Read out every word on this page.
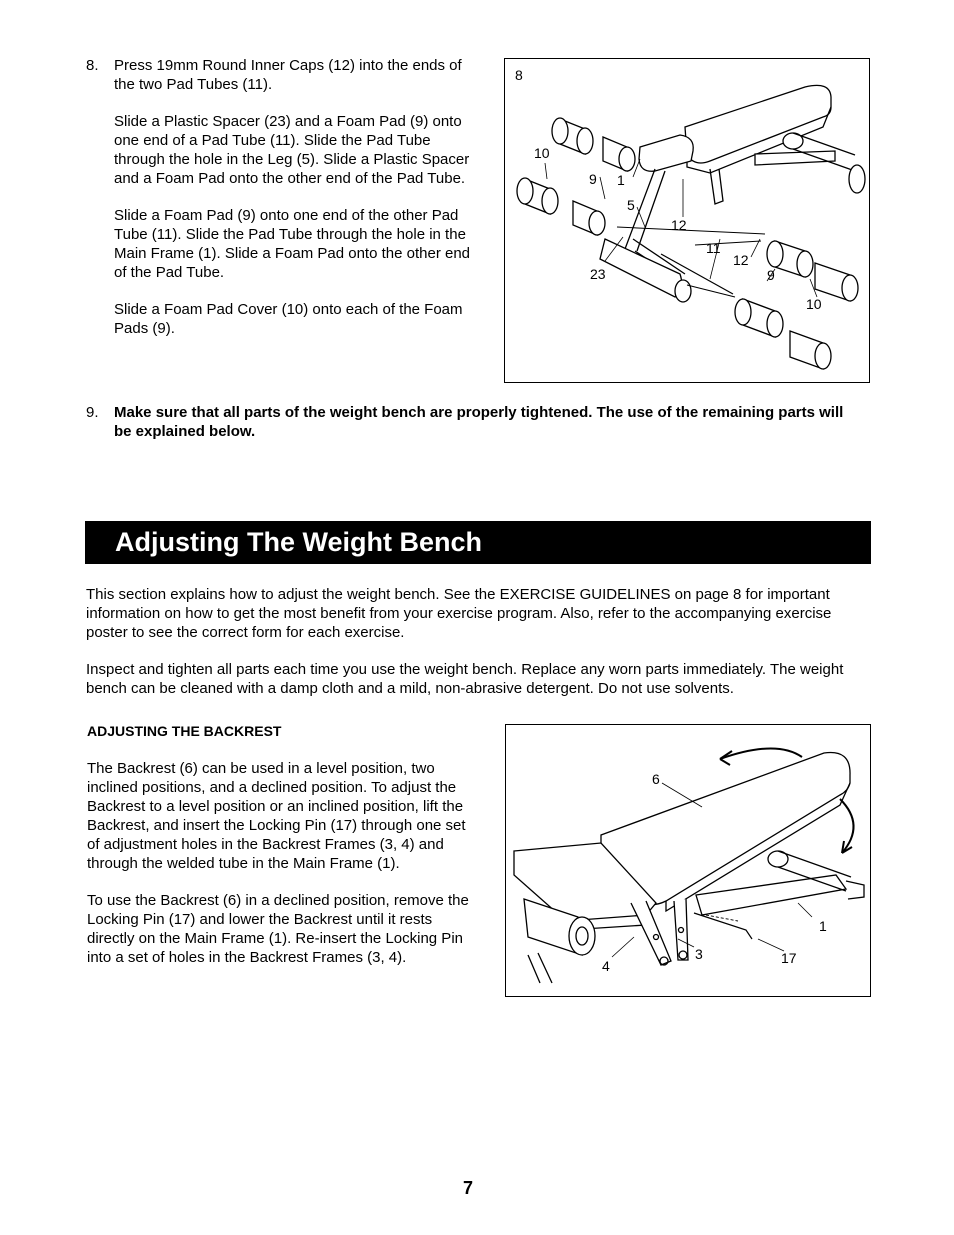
8. Press 19mm Round Inner Caps (12) into the ends of the two Pad Tubes (11).

Slide a Plastic Spacer (23) and a Foam Pad (9) onto one end of a Pad Tube (11). Slide the Pad Tube through the hole in the Leg (5). Slide a Plastic Spacer and a Foam Pad onto the other end of the Pad Tube.

Slide a Foam Pad (9) onto one end of the other Pad Tube (11). Slide the Pad Tube through the hole in the Main Frame (1). Slide a Foam Pad onto the other end of the Pad Tube.

Slide a Foam Pad Cover (10) onto each of the Foam Pads (9).

8
10
9 1
5
12
11
12
23	9
10
9. Make sure that all parts of the weight bench are properly tightened. The use of the remaining parts will be explained below.
Adjusting The Weight Bench

This section explains how to adjust the weight bench. See the EXERCISE GUIDELINES on page 8 for important information on how to get the most benefit from your exercise program. Also, refer to the accompanying exercise poster to see the correct form for each exercise.

Inspect and tighten all parts each time you use the weight bench. Replace any worn parts immediately. The weight bench can be cleaned with a damp cloth and a mild, non-abrasive detergent. Do not use solvents.

ADJUSTING THE BACKREST

The Backrest (6) can be used in a level position, two inclined positions, and a declined position. To adjust the Backrest to a level position or an inclined position, lift the Backrest, and insert the Locking Pin (17) through one set of adjustment holes in the Backrest Frames (3, 4) and through the welded tube in the Main Frame (1).

To use the Backrest (6) in a declined position, remove the Locking Pin (17) and lower the Backrest until it rests directly on the Main Frame (1). Re-insert the Locking Pin into a set of holes in the Backrest Frames (3, 4).

6
1
3
4	17
7
